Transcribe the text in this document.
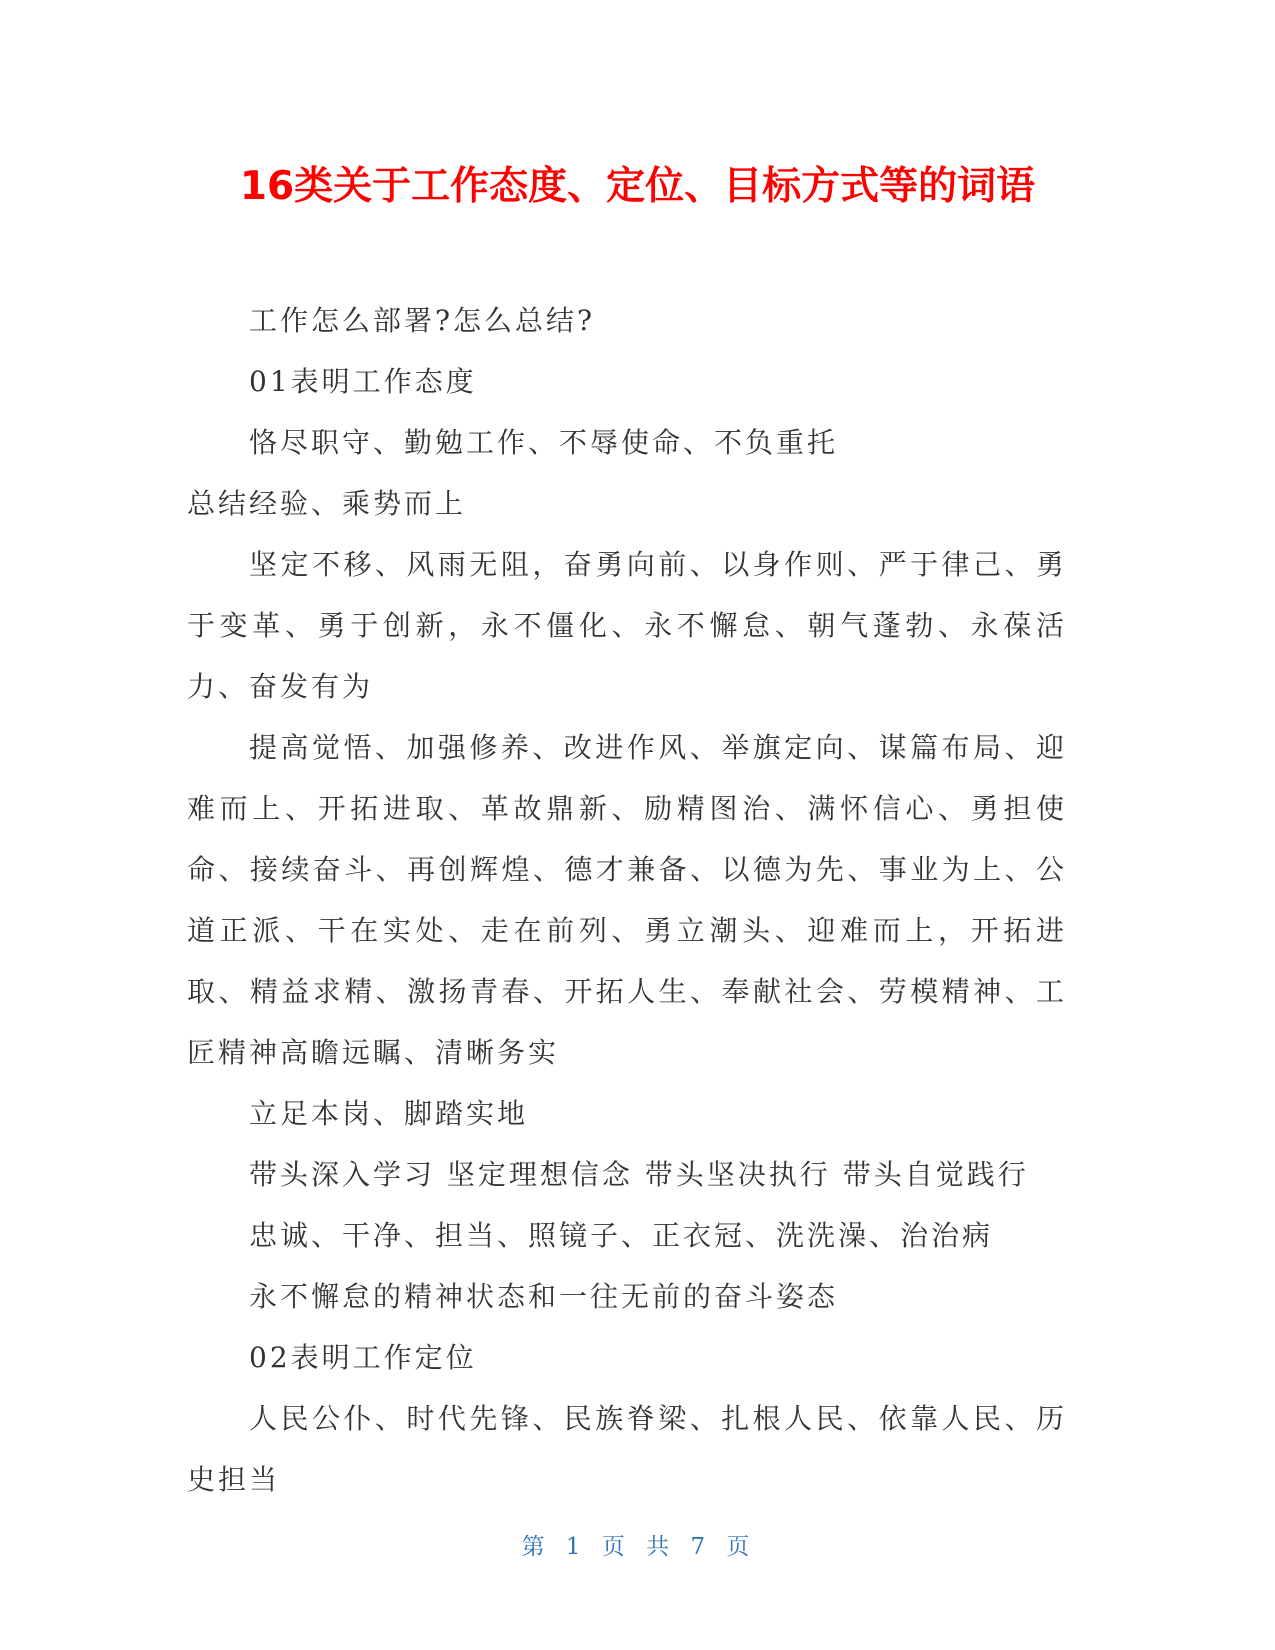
16类关于工作态度、定位、目标方式等的词语

工作怎么部署?怎么总结?

01表明工作态度

恪尽职守、勤勉工作、不辱使命、不负重托

总结经验、乘势而上

坚定不移、风雨无阻，奋勇向前、以身作则、严于律己、勇于变革、勇于创新，永不僵化、永不懈怠、朝气蓬勃、永葆活力、奋发有为

提高觉悟、加强修养、改进作风、举旗定向、谋篇布局、迎难而上、开拓进取、革故鼎新、励精图治、满怀信心、勇担使命、接续奋斗、再创辉煌、德才兼备、以德为先、事业为上、公道正派、干在实处、走在前列、勇立潮头、迎难而上，开拓进取、精益求精、激扬青春、开拓人生、奉献社会、劳模精神、工匠精神高瞻远瞩、清晰务实

立足本岗、脚踏实地

带头深入学习 坚定理想信念 带头坚决执行 带头自觉践行

忠诚、干净、担当、照镜子、正衣冠、洗洗澡、治治病

永不懈怠的精神状态和一往无前的奋斗姿态

02表明工作定位

人民公仆、时代先锋、民族脊梁、扎根人民、依靠人民、历史担当

第 1 页 共 7 页
